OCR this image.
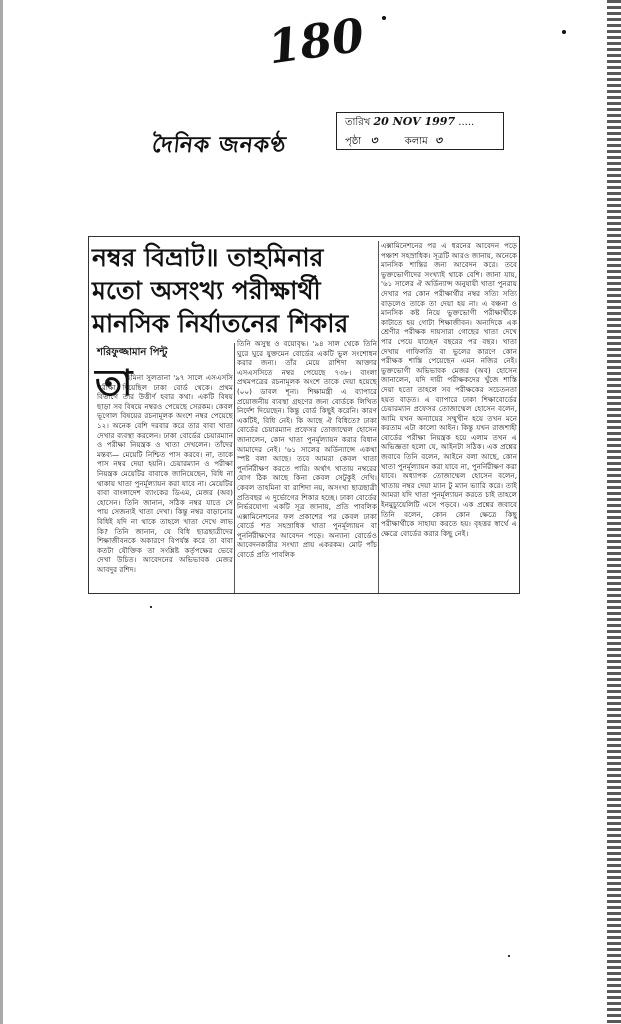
180
দৈনিক জনকণ্ঠ
তারিখ 20 NOV 1997 .....
পৃষ্ঠা ৩	কলাম ৩
নম্বর বিভ্রাট॥ তাহমিনার মতো অসংখ্য পরীক্ষার্থী মানসিক নির্যাতনের শিকার
শরিফুজ্জামান পিন্টু
তা
হমিনা সুলতানা '৯৭ সালে এসএসসি পরীক্ষা দিয়েছিল ঢাকা বোর্ড থেকে। প্রথম বিভাগে তার উত্তীর্ণ হবার কথা। একটি বিষয় ছাড়া সব বিষয়ে নম্বরও পেয়েছে সেরকম। কেবল ভূগোল বিষয়ের রচনামূলক অংশে নম্বর পেয়েছে ১২। অনেক বেশি দরবার করে তার বাবা খাতা দেখার ব্যবস্থা করলেন। ঢাকা বোর্ডের চেয়ারম্যান ও পরীক্ষা নিয়ন্ত্রক ও খাতা দেখলেন। তাঁদের মন্তব্য— মেয়েটি নিশ্চিত পাস করবে। না, তাকে পাস নম্বর দেয়া হয়নি। চেয়ারম্যান ও পরীক্ষা নিয়ন্ত্রক মেয়েটির বাবাকে জানিয়েছেন, বিধি না থাকায় খাতা পুনর্মূল্যায়ন করা যাবে না। মেয়েটির বাবা বাংলাদেশ ব্যাংকের ডিএম, মেজর (অব) হোসেন। তিনি জানান, সঠিক নম্বর যাতে সে পায় সেজন্যই খাতা দেখা। কিন্তু নম্বর বাড়ানোর বিধিই যদি না থাকে তাহলে খাতা দেখে লাভ কি? তিনি জানান, যে বিধি ছাত্রছাত্রীদের শিক্ষাজীবনকে অকারণে বিপর্যস্ত করে তা বাবা কতটা যৌক্তিক তা সংশ্লিষ্ট কর্তৃপক্ষের ভেবে দেখা উচিত। আবেদনের অভিভাবক মেজর আবদুর রশিদ।
তিনি অসুস্থ ও বয়োবৃদ্ধ। '৯৪ সাল থেকে তিনি ঘুরে ঘুরে যুক্তমেন বোর্ডের একটি ভুল সংশোধন করার জন্য। তাঁর মেয়ে রাশিদা আক্তার এসএসসিতে নম্বর পেয়েছে ৭৩৮। বাংলা প্রথমপত্রের রচনামূলক অংশে তাকে দেয়া হয়েছে (০০) ডাবল শূন্য। শিক্ষামন্ত্রী এ ব্যাপারে প্রয়োজনীয় ব্যবস্থা গ্রহণের জন্য বোর্ডকে লিখিত নির্দেশ দিয়েছেন। কিন্তু বোর্ড কিছুই করেনি। কারণ একটিই, বিধি নেই। কি আছে ঐ বিধিতে? ঢাকা বোর্ডের চেয়ারম্যান প্রফেসর তোজাম্মেল হোসেন জানালেন, কোন খাতা পুনর্মূল্যায়ন করার বিধান আমাদের নেই। '৬১ সালের অর্ডিন্যান্সে একথা স্পষ্ট বলা আছে। তবে আমরা কেবল খাতা পুনর্নিরীক্ষণ করতে পারি। অর্থাৎ খাতায় নম্বরের যোগ ঠিক আছে কিনা কেবল সেটুকুই দেখি। কেবল তাহমিনা বা রাশিদা নয়, অসংখ্য ছাত্রছাত্রী প্রতিবছর এ দুর্ভোগের শিকার হচ্ছে। ঢাকা বোর্ডের নির্ভরযোগ্য একটি সূত্র জানায়, প্রতি পাবলিক এক্সামিনেশনের ফল প্রকাশের পর কেবল ঢাকা বোর্ডে শত সহস্রাধিক খাতা পুনর্মূল্যায়ন বা পুনর্নিরীক্ষণের আবেদন পড়ে। অন্যান্য বোর্ডেও আবেদনকারীর সংখ্যা প্রায় একরকম। মোট পাঁচ বোর্ডে প্রতি পাবলিক
এক্সামিনেশনের পর এ ধরনের আবেদন পড়ে পঞ্চাশ সহস্রাধিক। সূত্রটি আরও জানায়, অনেকে মানসিক শান্তির জন্য আবেদন করে। তবে ভুক্তভোগীদের সংখ্যাই থাকে বেশি। জানা যায়, '৬১ সালের ঐ অর্ডিন্যান্স অনুযায়ী খাতা পুনরায় দেখার পর কোন পরীক্ষার্থীর নম্বর সত্যি সত্যি বাড়লেও তাকে তা দেয়া হয় না। এ বঞ্চনা ও মানসিক কষ্ট নিয়ে ভুক্তভোগী পরীক্ষার্থীকে কাটাতে হয় গোটা শিক্ষাজীবন। অন্যদিকে এক শ্রেণীর পরীক্ষক দায়সারা গোছের খাতা দেখে পার পেয়ে যাচ্ছেন বছরের পর বছর। খাতা দেখায় গাফিলতি বা ভুলের কারণে কোন পরীক্ষক শাস্তি পেয়েছেন এমন নজির নেই। ভুক্তভোগী অভিভাবক মেজর (অব) হোসেন জানালেন, যদি দায়ী পরীক্ষকদের খুঁজে শাস্তি দেয়া হতো তাহলে সব পরীক্ষকের সচেতনতা হয়ত বাড়ত। এ ব্যাপারে ঢাকা শিক্ষাবোর্ডের চেয়ারম্যান প্রফেসর তোজাম্মেল হোসেন বলেন, আমি যখন অন্যায়ের সম্মুখীন হয়ে তখন মনে করতাম এটা কালো আইন। কিন্তু যখন রাজশাহী বোর্ডের পরীক্ষা নিয়ন্ত্রক হয়ে এলাম তখন এ অভিজ্ঞতা হলো যে, আইনটা সঠিক। এক প্রশ্নের জবাবে তিনি বলেন, আইনে বলা আছে, কোন খাতা পুনর্মূল্যায়ন করা যাবে না, পুনর্নিরীক্ষণ করা যাবে। অধ্যাপক তোজাম্মেল হোসেন বলেন, খাতায় নম্বর দেয়া ম্যান টু ম্যান ভ্যারি করে। তাই আমরা যদি খাতা পুনর্মূল্যায়ন করতে চাই তাহলে ইনমুচ্যুয়েলিটি এসে পড়বে। এক প্রশ্নের জবাবে তিনি বলেন, কোন কোন ক্ষেত্রে কিছু পরীক্ষার্থীকে সাহায্য করতে হয়। বৃহত্তর স্বার্থে এ ক্ষেত্রে বোর্ডের করার কিছু নেই।
